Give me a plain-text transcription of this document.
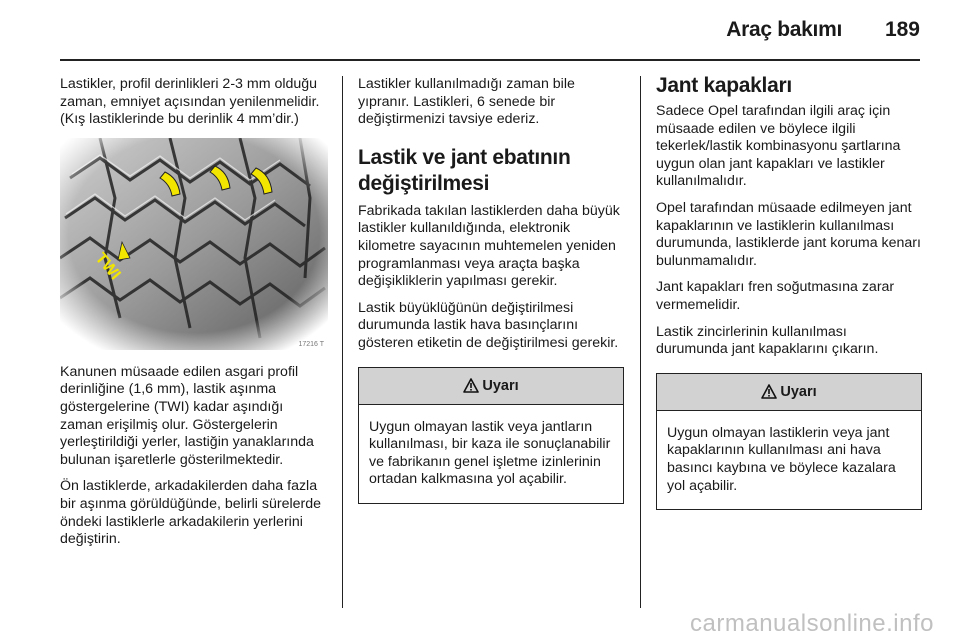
Araç bakımı 189

Lastikler, profil derinlikleri 2-3 mm olduğu zaman, emniyet açısından yenilenmelidir. (Kış lastiklerinde bu derinlik 4 mm’dir.)

17216 T

Kanunen müsaade edilen asgari profil derinliğine (1,6 mm), lastik aşınma göstergelerine (TWI) kadar aşındığı zaman erişilmiş olur. Göstergelerin yerleştirildiği yerler, lastiğin yanaklarında bulunan işaretlerle gösterilmektedir.

Ön lastiklerde, arkadakilerden daha fazla bir aşınma görüldüğünde, belirli sürelerde öndeki lastiklerle arkadakilerin yerlerini değiştirin.

Lastikler kullanılmadığı zaman bile yıpranır. Lastikleri, 6 senede bir değiştirmenizi tavsiye ederiz.

Lastik ve jant ebatının değiştirilmesi

Fabrikada takılan lastiklerden daha büyük lastikler kullanıldığında, elektronik kilometre sayacının muhtemelen yeniden programlanması veya araçta başka değişikliklerin yapılması gerekir.

Lastik büyüklüğünün değiştirilmesi durumunda lastik hava basınçlarını gösteren etiketin de değiştirilmesi gerekir.

Uyarı

Uygun olmayan lastik veya jantların kullanılması, bir kaza ile sonuçlanabilir ve fabrikanın genel işletme izinlerinin ortadan kalkmasına yol açabilir.

Jant kapakları

Sadece Opel tarafından ilgili araç için müsaade edilen ve böylece ilgili tekerlek/lastik kombinasyonu şartlarına uygun olan jant kapakları ve lastikler kullanılmalıdır.

Opel tarafından müsaade edilmeyen jant kapaklarının ve lastiklerin kullanılması durumunda, lastiklerde jant koruma kenarı bulunmamalıdır.

Jant kapakları fren soğutmasına zarar vermemelidir.

Lastik zincirlerinin kullanılması durumunda jant kapaklarını çıkarın.

Uyarı

Uygun olmayan lastiklerin veya jant kapaklarının kullanılması ani hava basıncı kaybına ve böylece kazalara yol açabilir.

carmanualsonline.info
